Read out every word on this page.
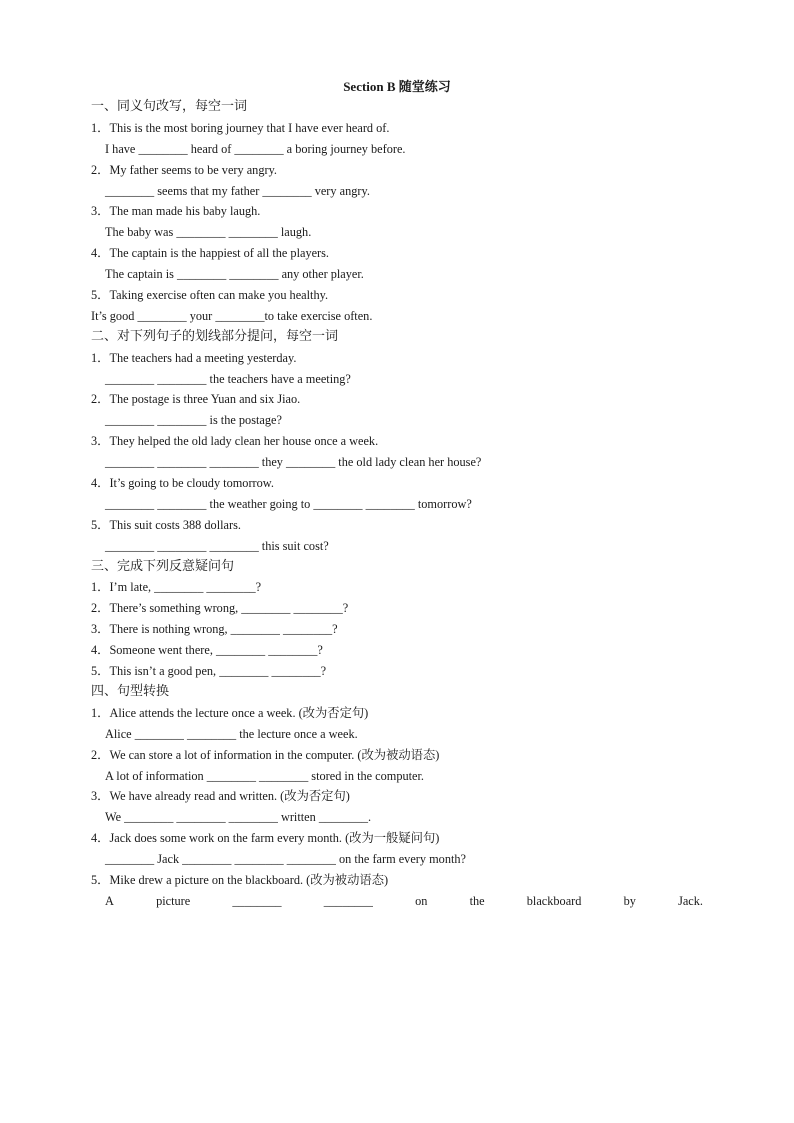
Section B 随堂练习
一、同义句改写，每空一词
1．This is the most boring journey that I have ever heard of.
I have ________ heard of ________ a boring journey before.
2．My father seems to be very angry.
________ seems that my father ________ very angry.
3．The man made his baby laugh.
The baby was ________ ________ laugh.
4．The captain is the happiest of all the players.
The captain is ________ ________ any other player.
5．Taking exercise often can make you healthy.
It’s good ________ your ________to take exercise often.
二、对下列句子的划线部分提问，每空一词
1．The teachers had a meeting yesterday.
________ ________ the teachers have a meeting?
2．The postage is three Yuan and six Jiao.
________ ________ is the postage?
3．They helped the old lady clean her house once a week.
________ ________ ________ they ________ the old lady clean her house?
4．It’s going to be cloudy tomorrow.
________ ________ the weather going to ________ ________ tomorrow?
5．This suit costs 388 dollars.
________ ________ ________ this suit cost?
三、完成下列反意疑问句
1．I’m late, ________ ________?
2．There’s something wrong, ________ ________?
3．There is nothing wrong, ________ ________?
4．Someone went there, ________ ________?
5．This isn’t a good pen, ________ ________?
四、句型转换
1．Alice attends the lecture once a week. (改为否定句)
Alice ________ ________ the lecture once a week.
2．We can store a lot of information in the computer. (改为被动语态)
A lot of information ________ ________ stored in the computer.
3．We have already read and written. (改为否定句)
We ________ ________ ________ written ________.
4．Jack does some work on the farm every month. (改为一般疑问句)
________ Jack ________ ________ ________ on the farm every month?
5．Mike drew a picture on the blackboard. (改为被动语态)
A	picture	________	________	on	the	blackboard	by	Jack.
